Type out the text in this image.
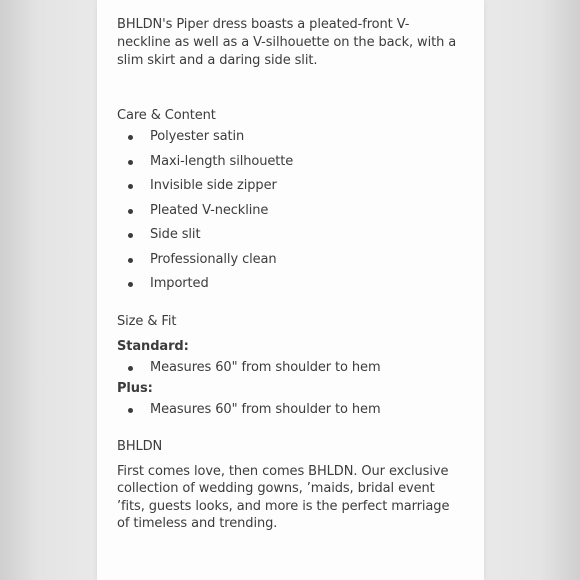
BHLDN's Piper dress boasts a pleated-front V-neckline as well as a V-silhouette on the back, with a slim skirt and a daring side slit.

Care & Content

Polyester satin
Maxi-length silhouette
Invisible side zipper
Pleated V-neckline
Side slit
Professionally clean
Imported

Size & Fit

Standard:

Measures 60" from shoulder to hem

Plus:

Measures 60" from shoulder to hem

BHLDN

First comes love, then comes BHLDN. Our exclusive collection of wedding gowns, ’maids, bridal event ’fits, guests looks, and more is the perfect marriage of timeless and trending.
